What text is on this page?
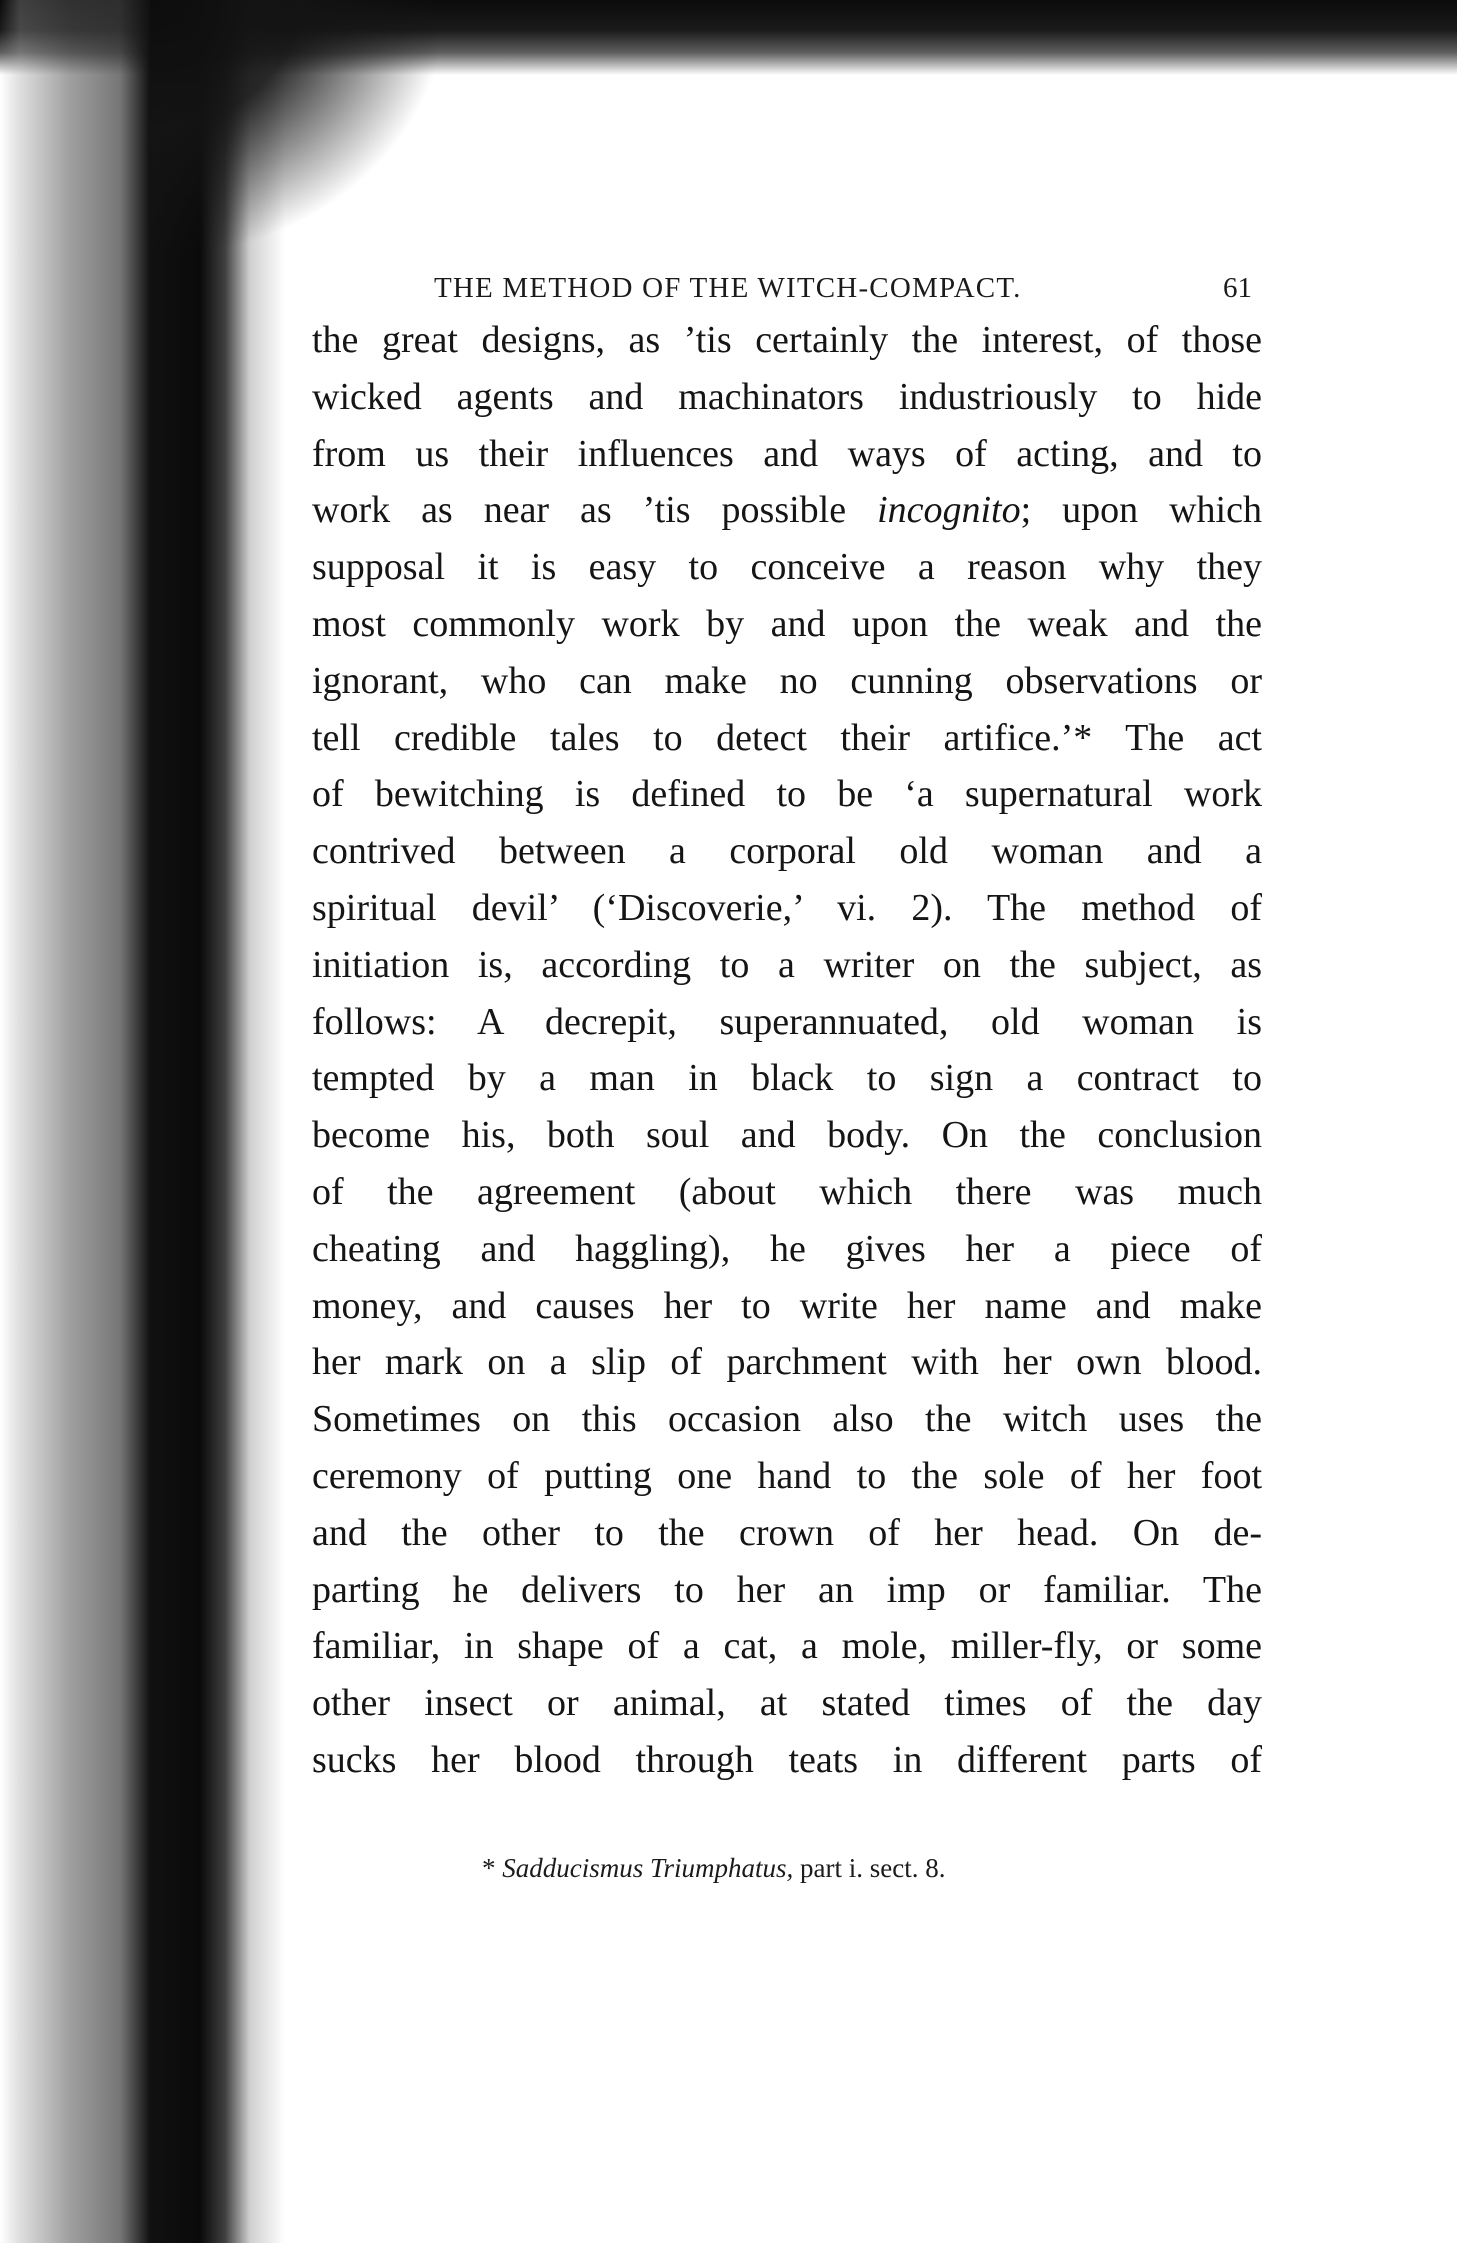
THE METHOD OF THE WITCH-COMPACT.	61
the great designs, as ’tis certainly the interest, of those
wicked agents and machinators industriously to hide
from us their influences and ways of acting, and to
work as near as ’tis possible incognito; upon which
supposal it is easy to conceive a reason why they
most commonly work by and upon the weak and the
ignorant, who can make no cunning observations or
tell credible tales to detect their artifice.’* The act
of bewitching is defined to be ‘a supernatural work
contrived between a corporal old woman and a
spiritual devil’ (‘Discoverie,’ vi. 2). The method of
initiation is, according to a writer on the subject, as
follows: A decrepit, superannuated, old woman is
tempted by a man in black to sign a contract to
become his, both soul and body. On the conclusion
of the agreement (about which there was much
cheating and haggling), he gives her a piece of
money, and causes her to write her name and make
her mark on a slip of parchment with her own blood.
Sometimes on this occasion also the witch uses the
ceremony of putting one hand to the sole of her foot
and the other to the crown of her head. On de-
parting he delivers to her an imp or familiar. The
familiar, in shape of a cat, a mole, miller-fly, or some
other insect or animal, at stated times of the day
sucks her blood through teats in different parts of
* Sadducismus Triumphatus, part i. sect. 8.
